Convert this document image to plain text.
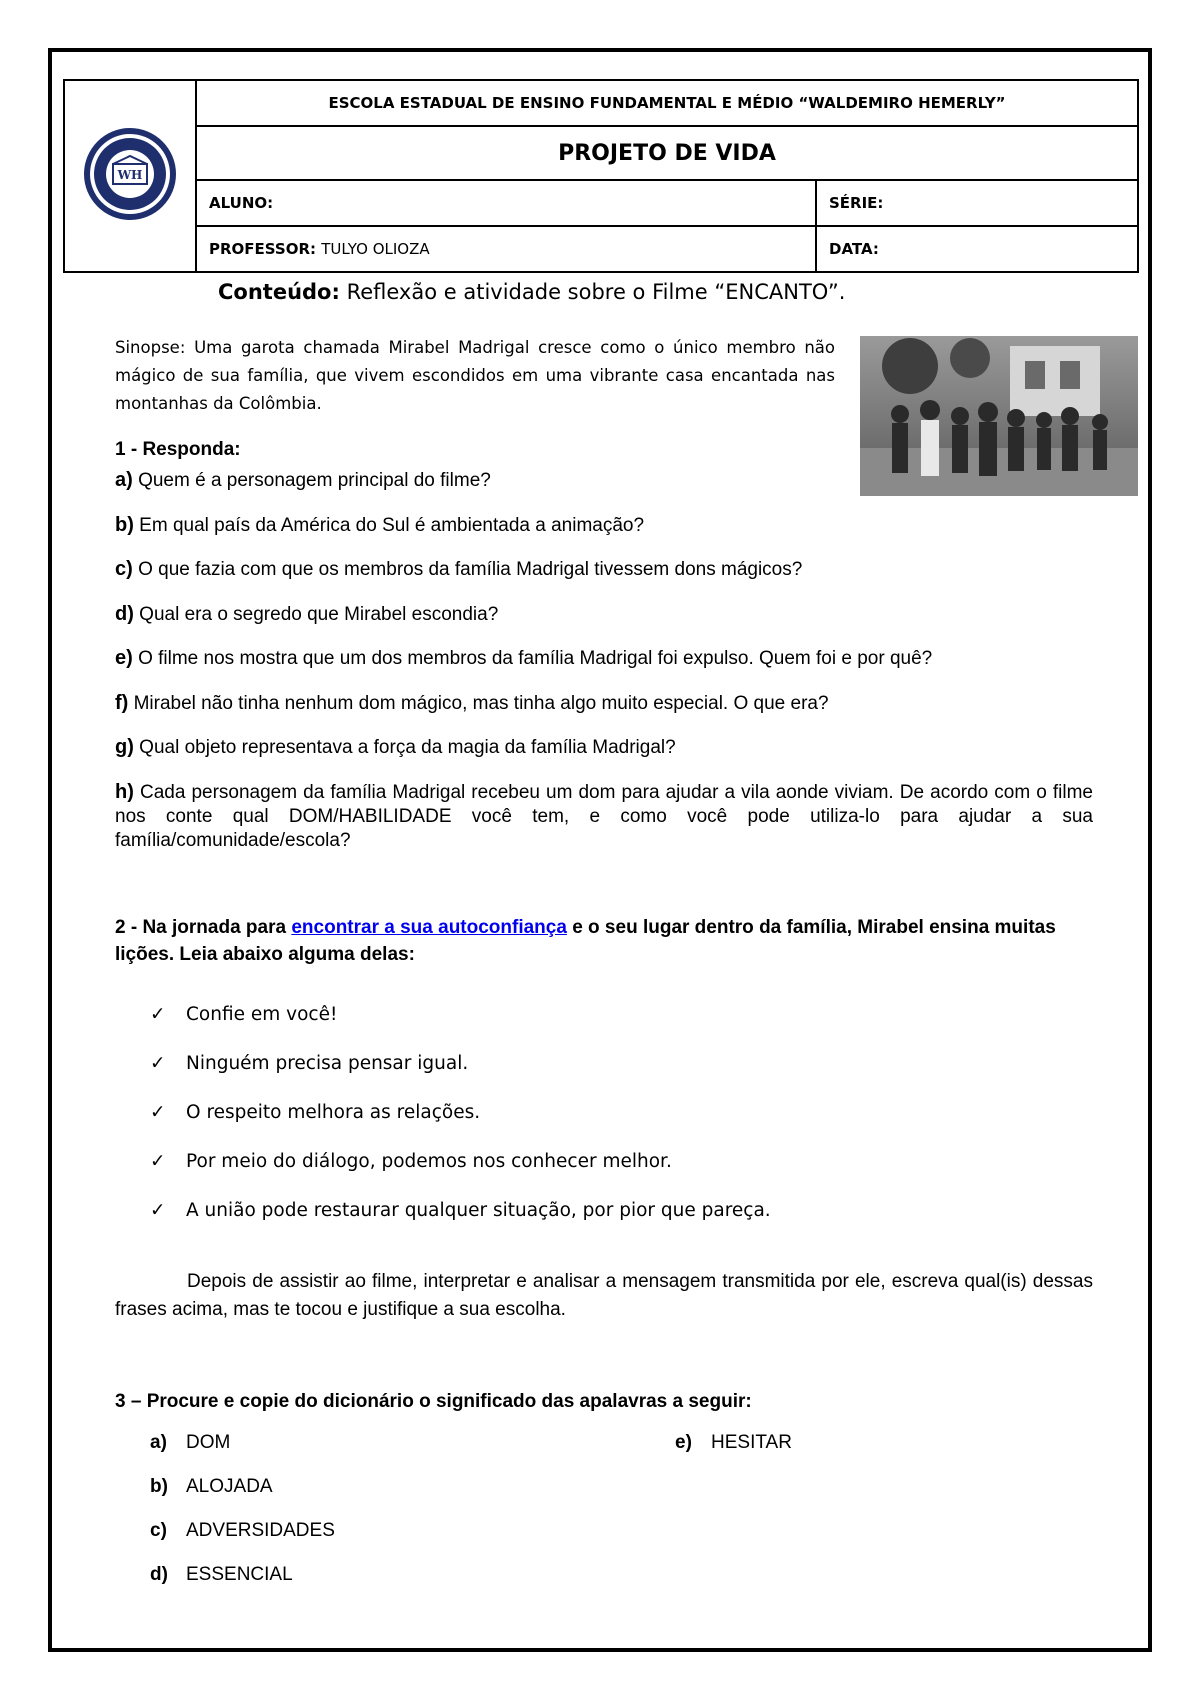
WH	ESCOLA ESTADUAL DE ENSINO FUNDAMENTAL E MÉDIO “WALDEMIRO HEMERLY”	
	PROJETO DE VIDA	
	ALUNO:	SÉRIE:
	PROFESSOR: TULYO OLIOZA	DATA:
Conteúdo: Reflexão e atividade sobre o Filme “ENCANTO”.
Sinopse: Uma garota chamada Mirabel Madrigal cresce como o único membro não mágico de sua família, que vivem escondidos em uma vibrante casa encantada nas montanhas da Colômbia.
1 - Responda:
a) Quem é a personagem principal do filme?
b) Em qual país da América do Sul é ambientada a animação?
c) O que fazia com que os membros da família Madrigal tivessem dons mágicos?
d) Qual era o segredo que Mirabel escondia?
e) O filme nos mostra que um dos membros da família Madrigal foi expulso. Quem foi e por quê?
f) Mirabel não tinha nenhum dom mágico, mas tinha algo muito especial. O que era?
g) Qual objeto representava a força da magia da família Madrigal?
h) Cada personagem da família Madrigal recebeu um dom para ajudar a vila aonde viviam. De acordo com o filme nos conte qual DOM/HABILIDADE você tem, e como você pode utiliza-lo para ajudar a sua família/comunidade/escola?
2 - Na jornada para encontrar a sua autoconfiança e o seu lugar dentro da família, Mirabel ensina muitas lições. Leia abaixo alguma delas:
✓ Confie em você!
✓ Ninguém precisa pensar igual.
✓ O respeito melhora as relações.
✓ Por meio do diálogo, podemos nos conhecer melhor.
✓ A união pode restaurar qualquer situação, por pior que pareça.
Depois de assistir ao filme, interpretar e analisar a mensagem transmitida por ele, escreva qual(is) dessas frases acima, mas te tocou e justifique a sua escolha.
3 – Procure e copie do dicionário o significado das apalavras a seguir:
a) DOM
b) ALOJADA
c) ADVERSIDADES
d) ESSENCIAL
e) HESITAR
